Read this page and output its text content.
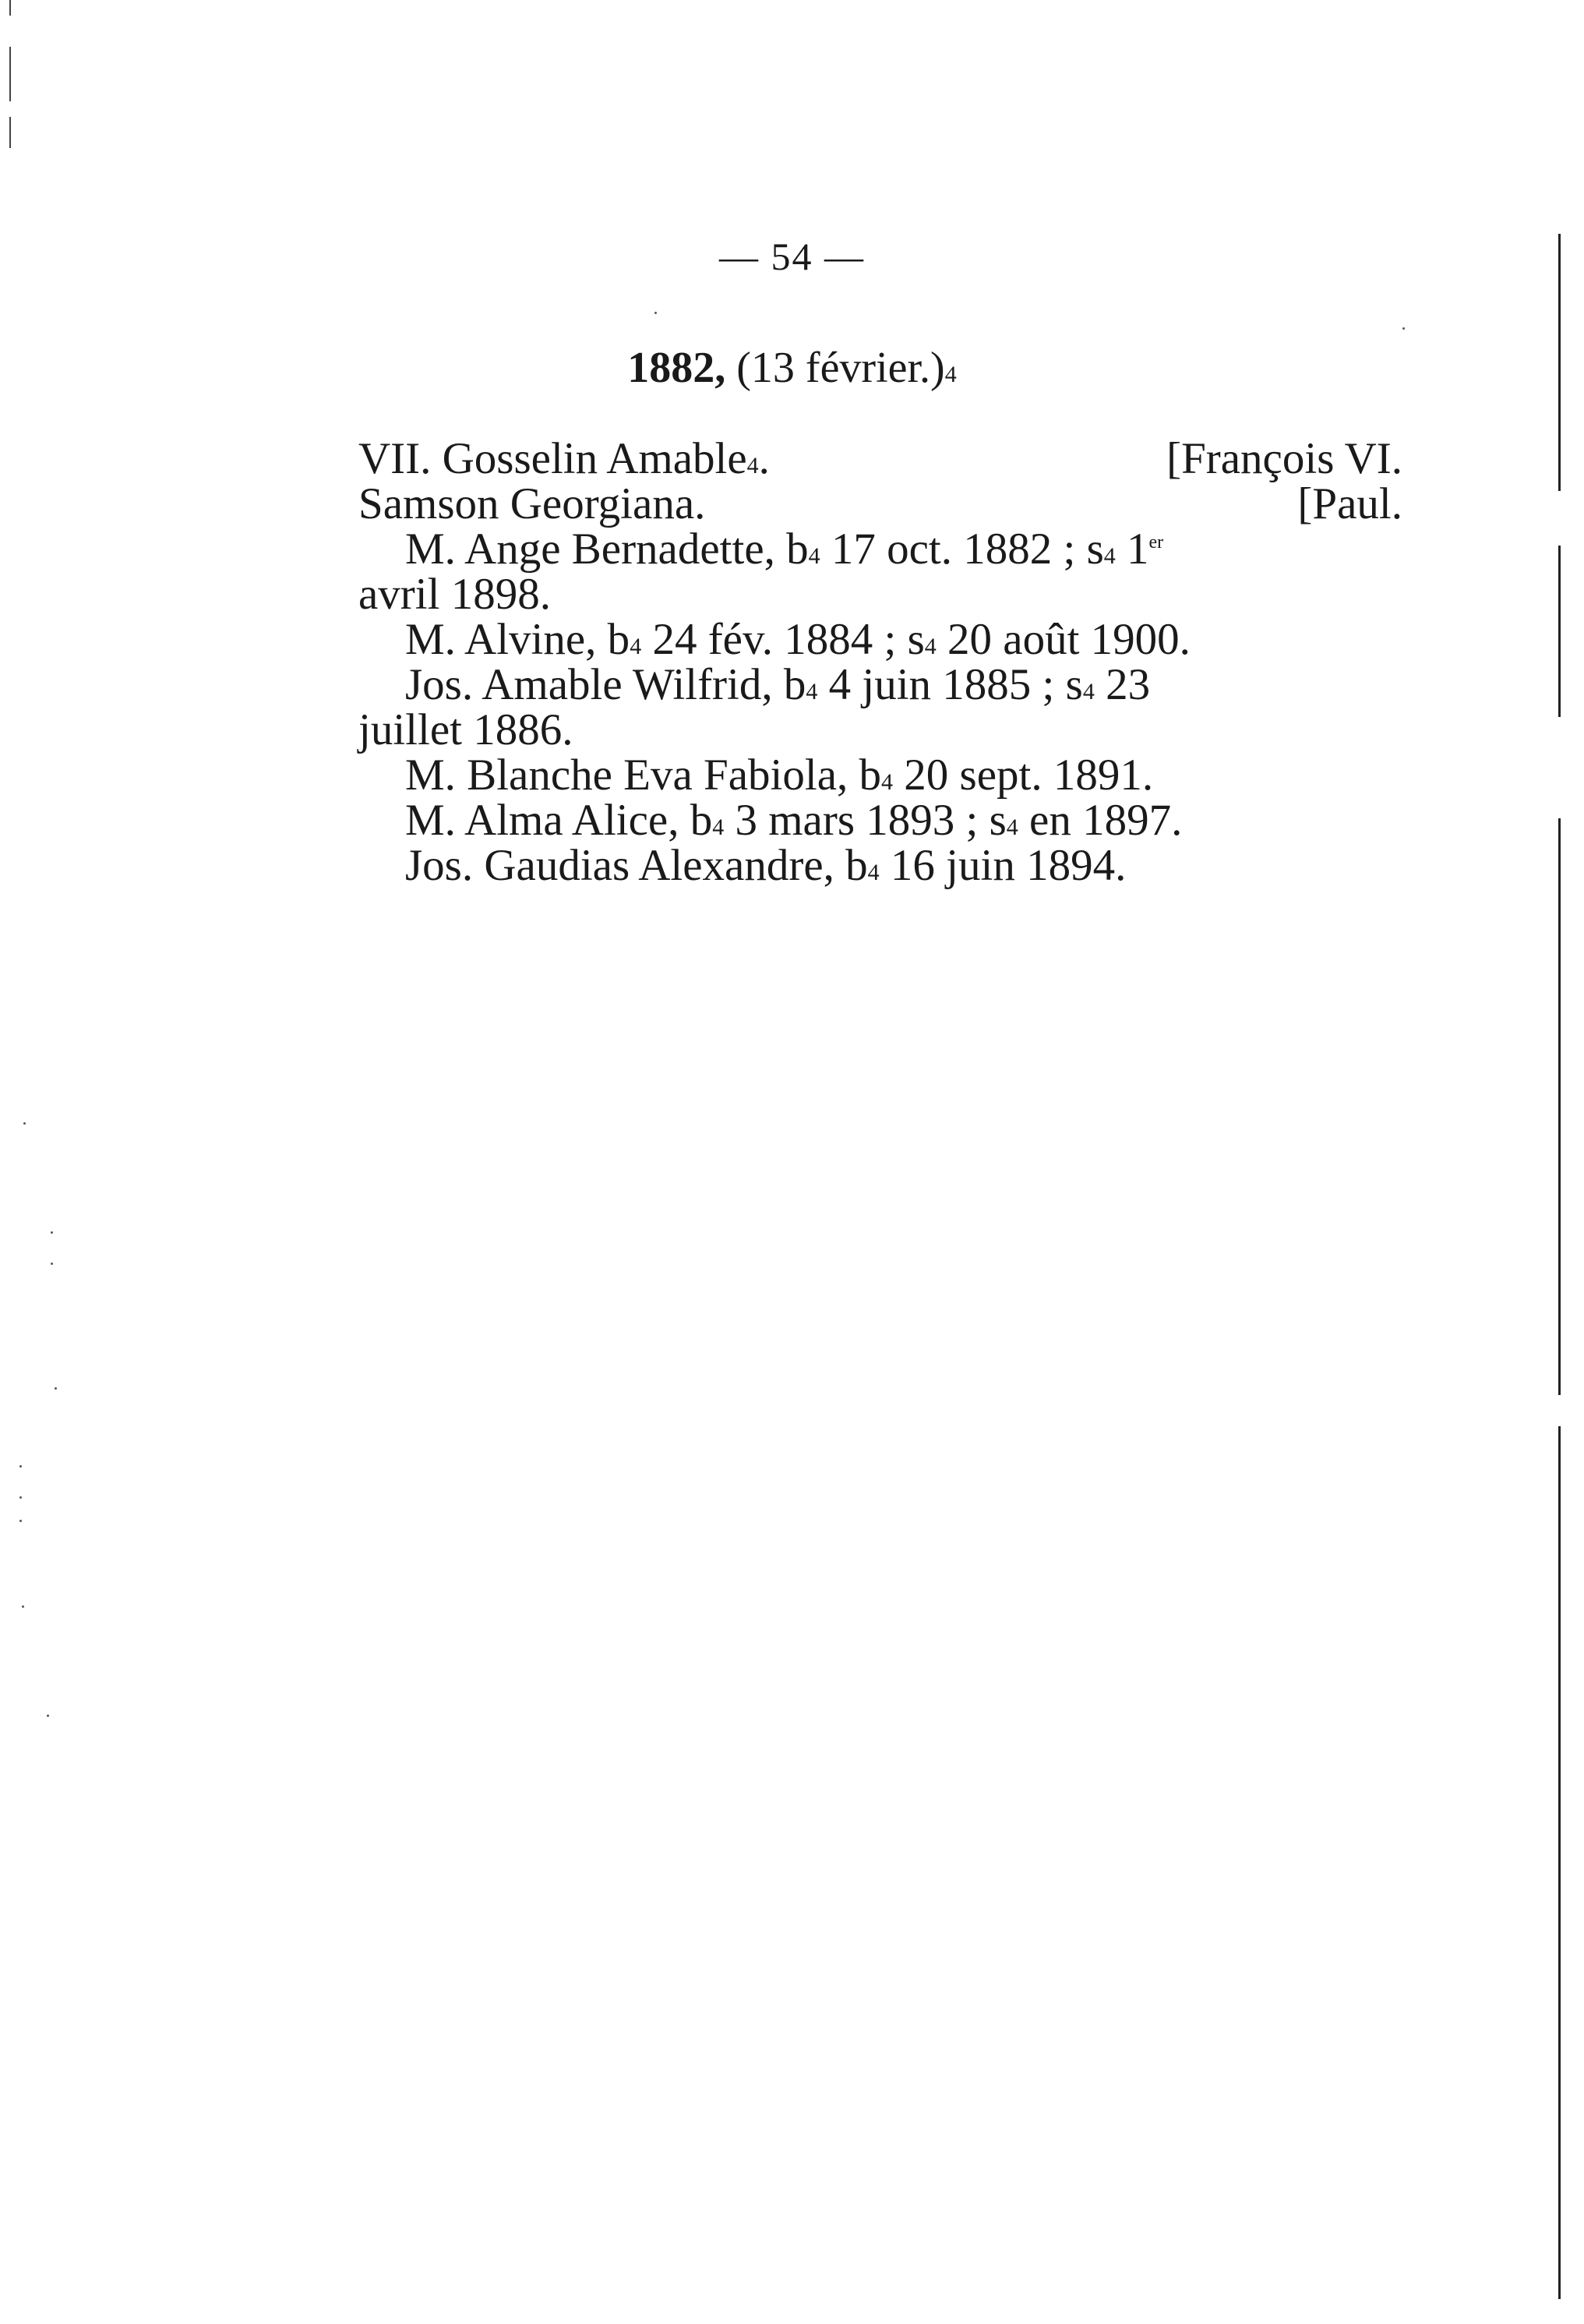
— 54 —
1882, (13 février.)4
VII. Gosselin Amable4.	[François VI.
Samson Georgiana.	[Paul.
M. Ange Bernadette, b4 17 oct. 1882 ; s4 1er
avril 1898.
M. Alvine, b4 24 fév. 1884 ; s4 20 août 1900.
Jos. Amable Wilfrid, b4 4 juin 1885 ; s4 23
juillet 1886.
M. Blanche Eva Fabiola, b4 20 sept. 1891.
M. Alma Alice, b4 3 mars 1893 ; s4 en 1897.
Jos. Gaudias Alexandre, b4 16 juin 1894.
